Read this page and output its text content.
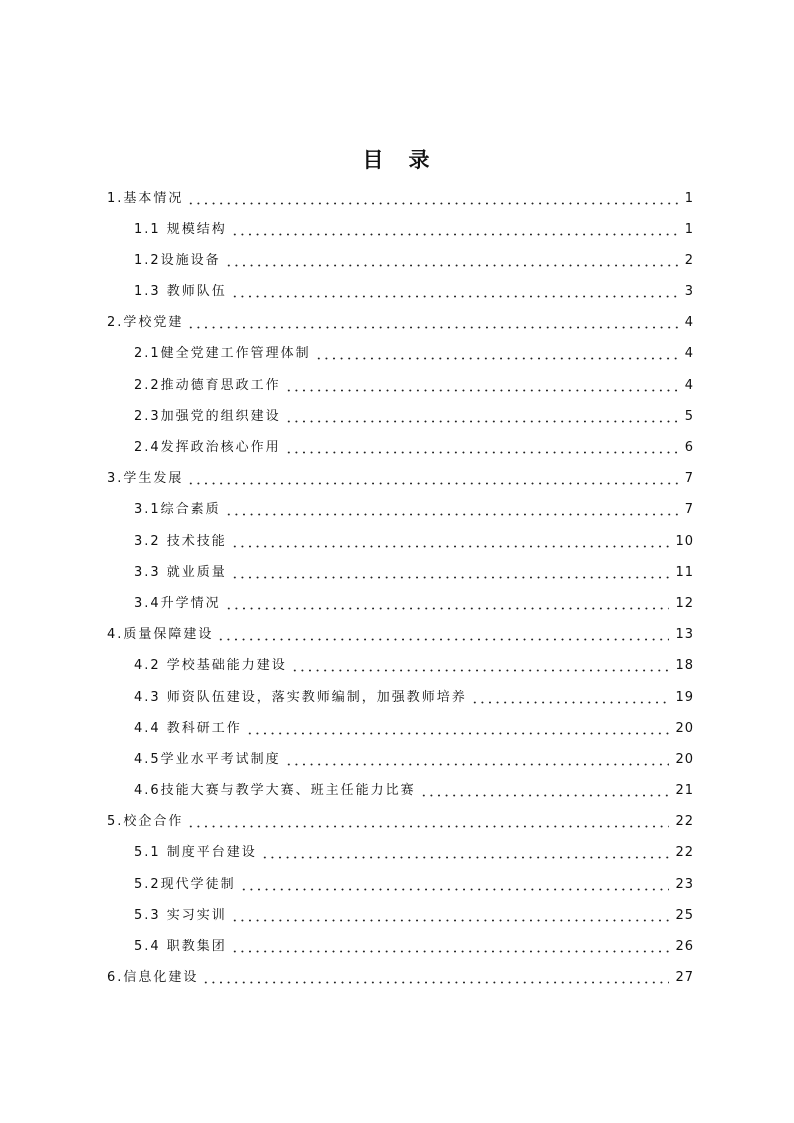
目　录
1.基本情况	1
1.1 规模结构	1
1.2设施设备	2
1.3 教师队伍	3
2.学校党建	4
2.1健全党建工作管理体制	4
2.2推动德育思政工作	4
2.3加强党的组织建设	5
2.4发挥政治核心作用	6
3.学生发展	7
3.1综合素质	7
3.2 技术技能	10
3.3 就业质量	11
3.4升学情况	12
4.质量保障建设	13
4.2 学校基础能力建设	18
4.3 师资队伍建设，落实教师编制，加强教师培养	19
4.4 教科研工作	20
4.5学业水平考试制度	20
4.6技能大赛与教学大赛、班主任能力比赛	21
5.校企合作	22
5.1 制度平台建设	22
5.2现代学徒制	23
5.3 实习实训	25
5.4 职教集团	26
6.信息化建设	27
